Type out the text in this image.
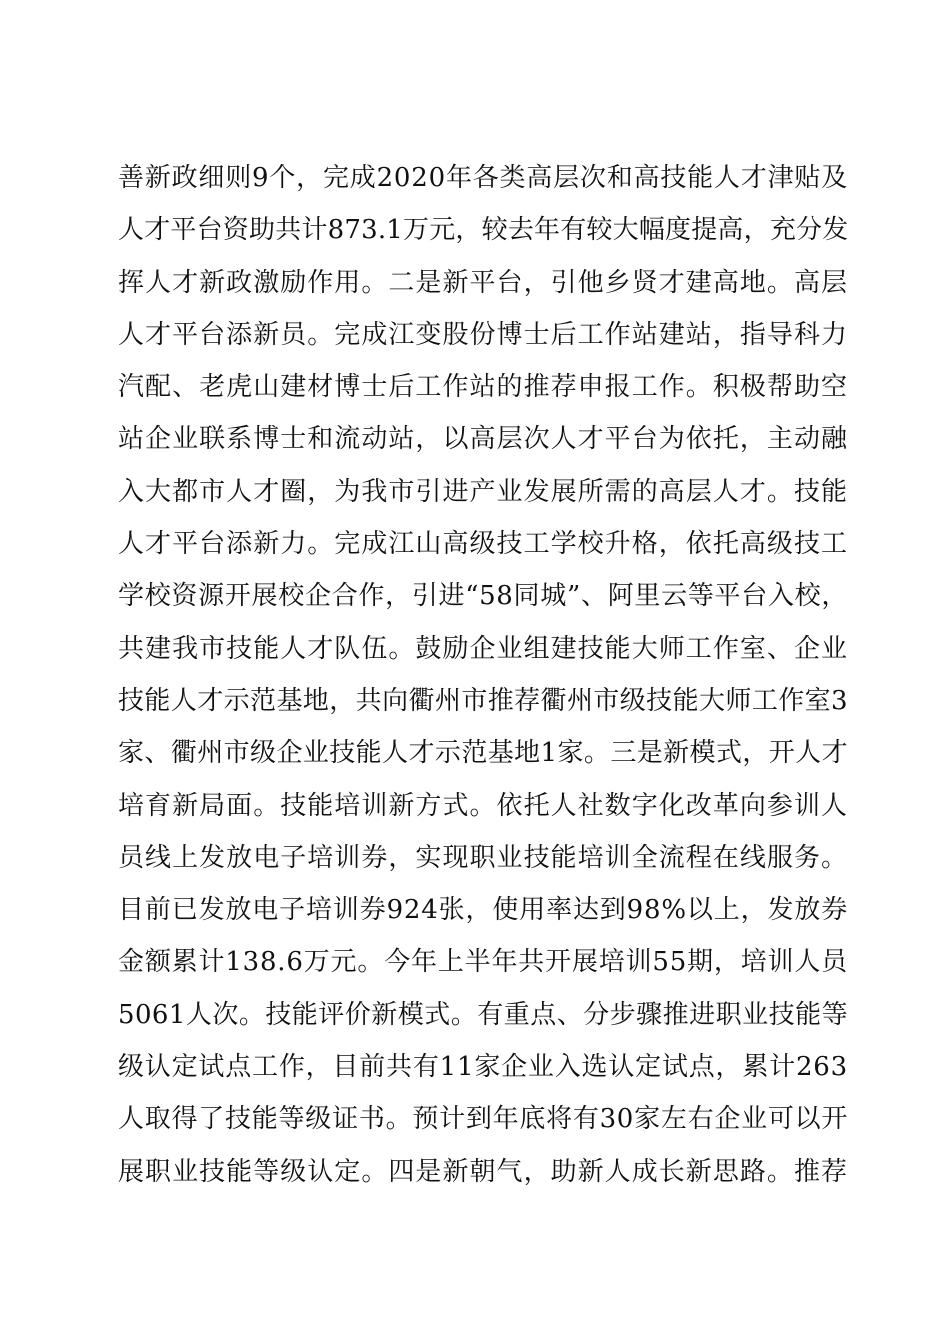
善新政细则9个，完成2020年各类高层次和高技能人才津贴及
人才平台资助共计873.1万元，较去年有较大幅度提高，充分发
挥人才新政激励作用。二是新平台，引他乡贤才建高地。高层
人才平台添新员。完成江变股份博士后工作站建站，指导科力
汽配、老虎山建材博士后工作站的推荐申报工作。积极帮助空
站企业联系博士和流动站，以高层次人才平台为依托，主动融
入大都市人才圈，为我市引进产业发展所需的高层人才。技能
人才平台添新力。完成江山高级技工学校升格，依托高级技工
学校资源开展校企合作，引进“58同城”、阿里云等平台入校，
共建我市技能人才队伍。鼓励企业组建技能大师工作室、企业
技能人才示范基地，共向衢州市推荐衢州市级技能大师工作室3
家、衢州市级企业技能人才示范基地1家。三是新模式，开人才
培育新局面。技能培训新方式。依托人社数字化改革向参训人
员线上发放电子培训券，实现职业技能培训全流程在线服务。
目前已发放电子培训券924张，使用率达到98%以上，发放券
金额累计138.6万元。今年上半年共开展培训55期，培训人员
5061人次。技能评价新模式。有重点、分步骤推进职业技能等
级认定试点工作，目前共有11家企业入选认定试点，累计263
人取得了技能等级证书。预计到年底将有30家左右企业可以开
展职业技能等级认定。四是新朝气，助新人成长新思路。推荐
